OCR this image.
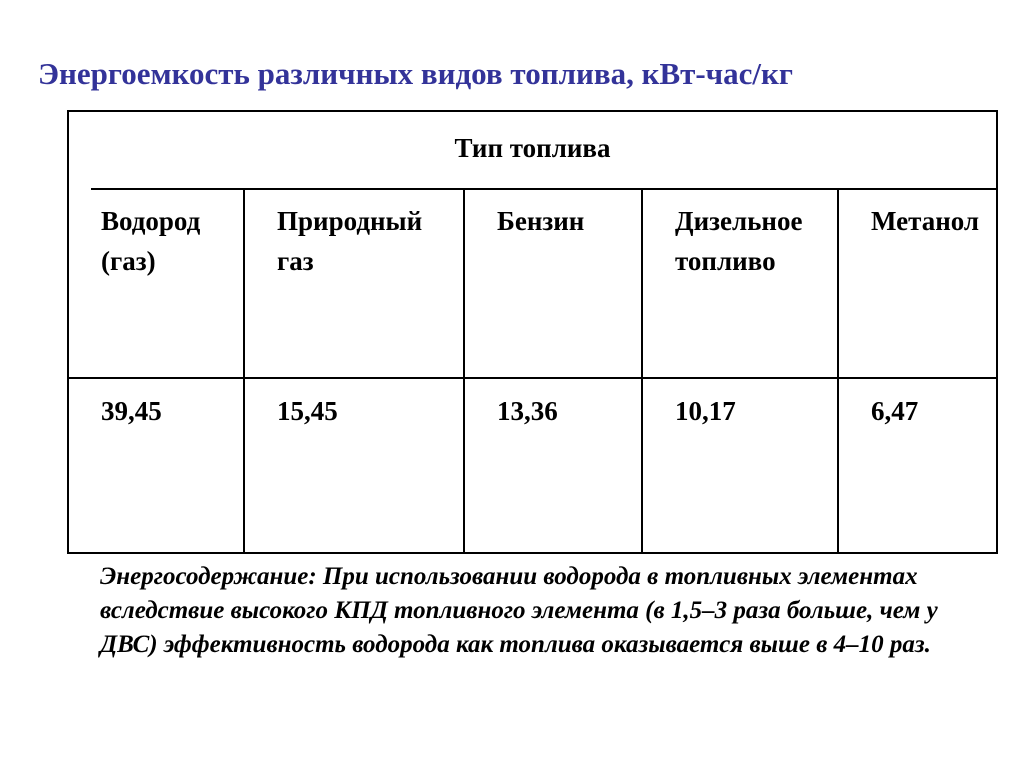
Энергоемкость различных видов топлива, кВт-час/кг
Тип топлива				

Водород (газ)	Природный газ	Бензин	Дизельное топливо	Метанол
39,45	15,45	13,36	10,17	6,47

Энергосодержание: При использовании водорода в топливных элементах вследствие высокого КПД топливного элемента (в 1,5–3 раза больше, чем у ДВС) эффективность водорода как топлива оказывается выше в 4–10 раз.
